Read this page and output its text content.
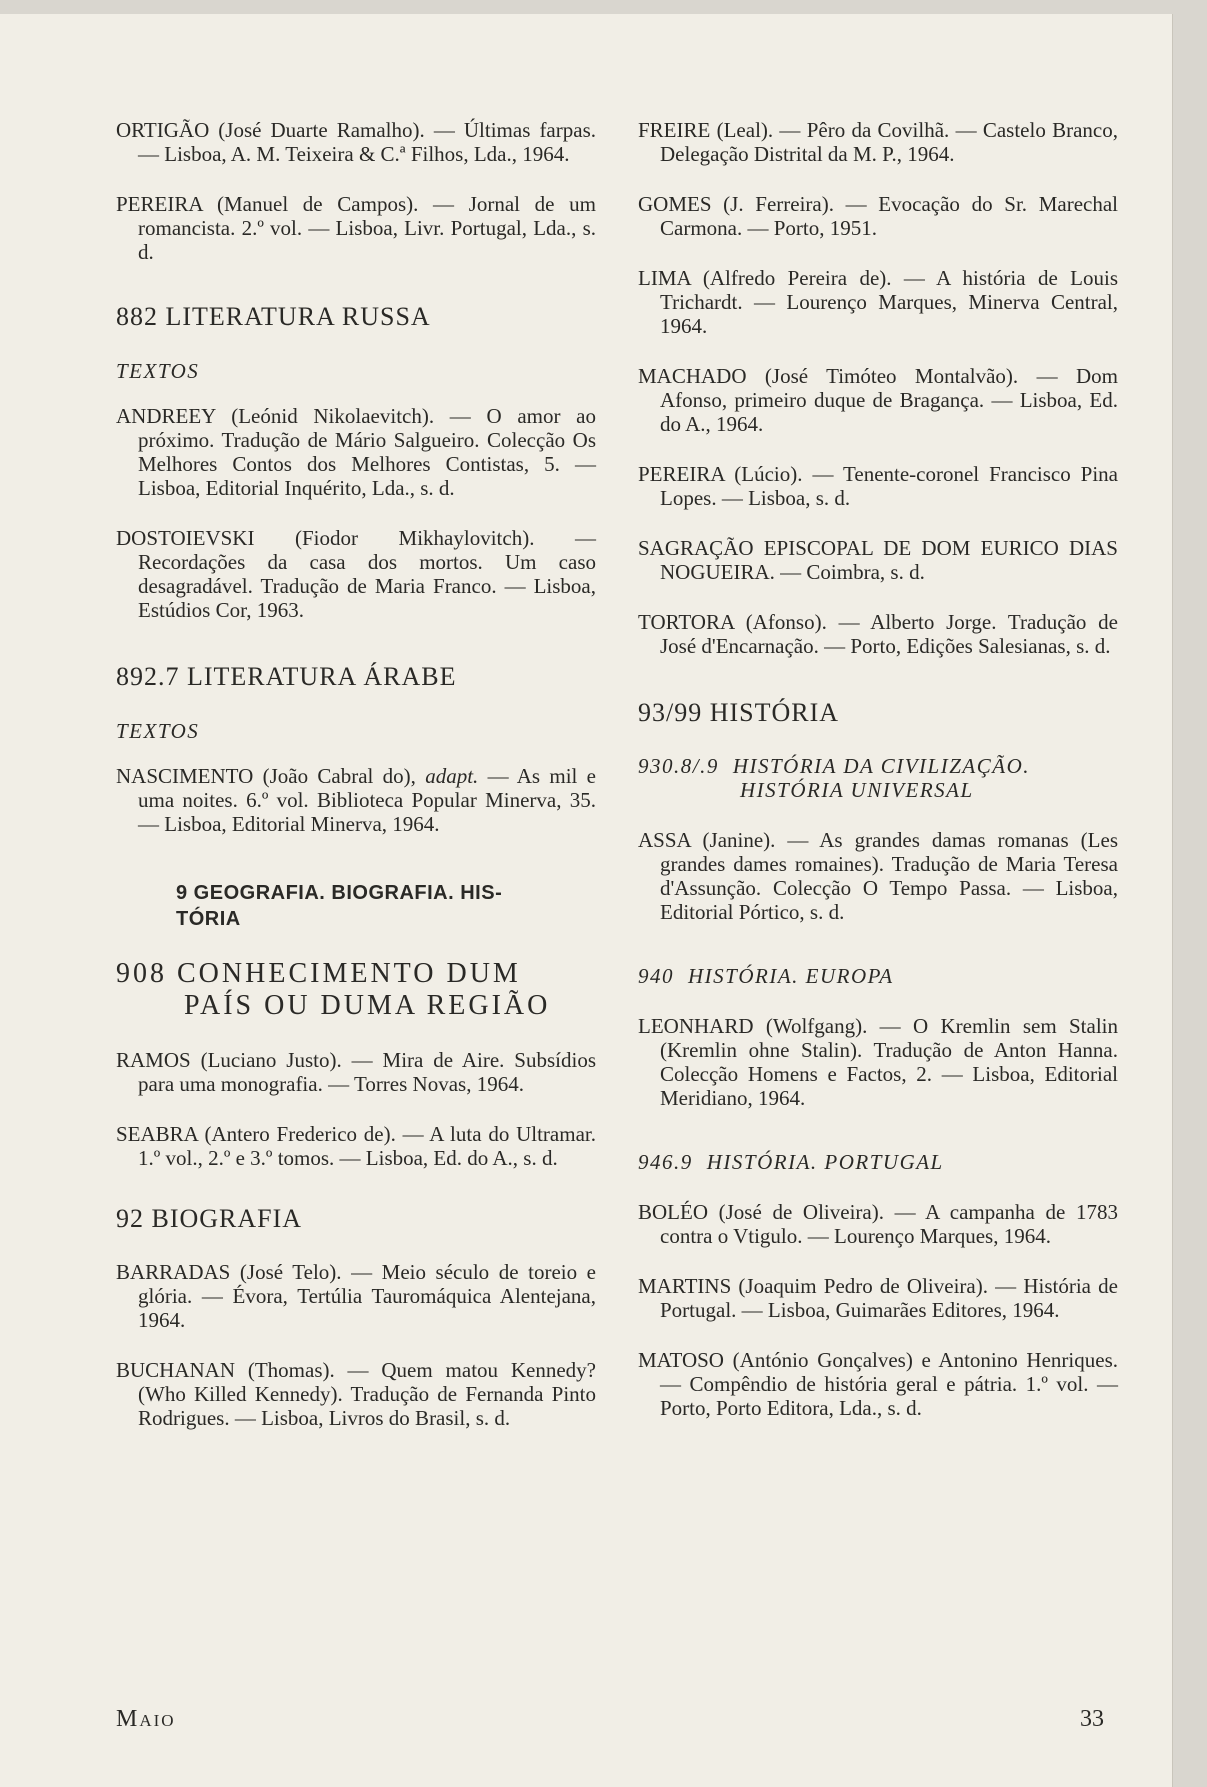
ORTIGÃO (José Duarte Ramalho). — Últimas farpas. — Lisboa, A. M. Teixeira & C.ª Filhos, Lda., 1964.

PEREIRA (Manuel de Campos). — Jornal de um romancista. 2.º vol. — Lisboa, Livr. Portugal, Lda., s. d.

882 LITERATURA RUSSA

TEXTOS

ANDREEY (Leónid Nikolaevitch). — O amor ao próximo. Tradução de Mário Salgueiro. Colecção Os Melhores Contos dos Melhores Contistas, 5. — Lisboa, Editorial Inquérito, Lda., s. d.

DOSTOIEVSKI (Fiodor Mikhaylovitch). — Recordações da casa dos mortos. Um caso desagradável. Tradução de Maria Franco. — Lisboa, Estúdios Cor, 1963.

892.7 LITERATURA ÁRABE

TEXTOS

NASCIMENTO (João Cabral do), adapt. — As mil e uma noites. 6.º vol. Biblioteca Popular Minerva, 35. — Lisboa, Editorial Minerva, 1964.

9 GEOGRAFIA. BIOGRAFIA. HIS-
TÓRIA
908 CONHECIMENTO DUM
PAÍS OU DUMA REGIÃO

RAMOS (Luciano Justo). — Mira de Aire. Subsídios para uma monografia. — Torres Novas, 1964.

SEABRA (Antero Frederico de). — A luta do Ultramar. 1.º vol., 2.º e 3.º tomos. — Lisboa, Ed. do A., s. d.

92 BIOGRAFIA

BARRADAS (José Telo). — Meio século de toreio e glória. — Évora, Tertúlia Tauromáquica Alentejana, 1964.

BUCHANAN (Thomas). — Quem matou Kennedy? (Who Killed Kennedy). Tradução de Fernanda Pinto Rodrigues. — Lisboa, Livros do Brasil, s. d.

FREIRE (Leal). — Pêro da Covilhã. — Castelo Branco, Delegação Distrital da M. P., 1964.

GOMES (J. Ferreira). — Evocação do Sr. Marechal Carmona. — Porto, 1951.

LIMA (Alfredo Pereira de). — A história de Louis Trichardt. — Lourenço Marques, Minerva Central, 1964.

MACHADO (José Timóteo Montalvão). — Dom Afonso, primeiro duque de Bragança. — Lisboa, Ed. do A., 1964.

PEREIRA (Lúcio). — Tenente-coronel Francisco Pina Lopes. — Lisboa, s. d.

SAGRAÇÃO EPISCOPAL DE DOM EURICO DIAS NOGUEIRA. — Coimbra, s. d.

TORTORA (Afonso). — Alberto Jorge. Tradução de José d'Encarnação. — Porto, Edições Salesianas, s. d.

93/99 HISTÓRIA

930.8/.9 HISTÓRIA DA CIVILIZAÇÃO.
HISTÓRIA UNIVERSAL

ASSA (Janine). — As grandes damas romanas (Les grandes dames romaines). Tradução de Maria Teresa d'Assunção. Colecção O Tempo Passa. — Lisboa, Editorial Pórtico, s. d.

940 HISTÓRIA. EUROPA

LEONHARD (Wolfgang). — O Kremlin sem Stalin (Kremlin ohne Stalin). Tradução de Anton Hanna. Colecção Homens e Factos, 2. — Lisboa, Editorial Meridiano, 1964.

946.9 HISTÓRIA. PORTUGAL

BOLÉO (José de Oliveira). — A campanha de 1783 contra o Vtigulo. — Lourenço Marques, 1964.

MARTINS (Joaquim Pedro de Oliveira). — História de Portugal. — Lisboa, Guimarães Editores, 1964.

MATOSO (António Gonçalves) e Antonino Henriques. — Compêndio de história geral e pátria. 1.º vol. — Porto, Porto Editora, Lda., s. d.

Maio	33
